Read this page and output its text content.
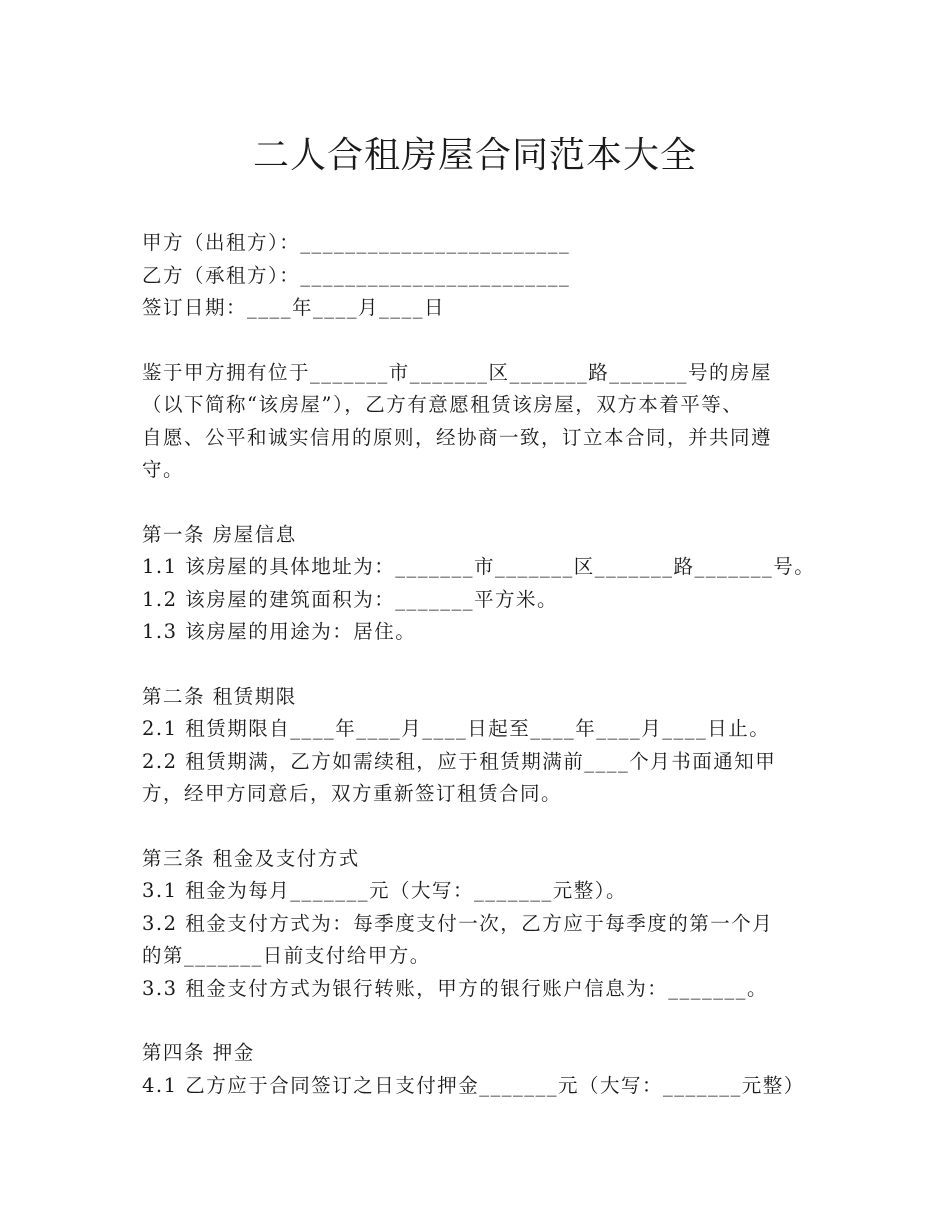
二人合租房屋合同范本大全
甲方（出租方）：________________________
乙方（承租方）：________________________
签订日期：____年____月____日
鉴于甲方拥有位于_______市_______区_______路_______号的房屋
（以下简称“该房屋”），乙方有意愿租赁该房屋，双方本着平等、
自愿、公平和诚实信用的原则，经协商一致，订立本合同，并共同遵
守。
第一条 房屋信息
1.1 该房屋的具体地址为：_______市_______区_______路_______号。
1.2 该房屋的建筑面积为：_______平方米。
1.3 该房屋的用途为：居住。
第二条 租赁期限
2.1 租赁期限自____年____月____日起至____年____月____日止。
2.2 租赁期满，乙方如需续租，应于租赁期满前____个月书面通知甲
方，经甲方同意后，双方重新签订租赁合同。
第三条 租金及支付方式
3.1 租金为每月_______元（大写：_______元整）。
3.2 租金支付方式为：每季度支付一次，乙方应于每季度的第一个月
的第_______日前支付给甲方。
3.3 租金支付方式为银行转账，甲方的银行账户信息为：_______。
第四条 押金
4.1 乙方应于合同签订之日支付押金_______元（大写：_______元整）
